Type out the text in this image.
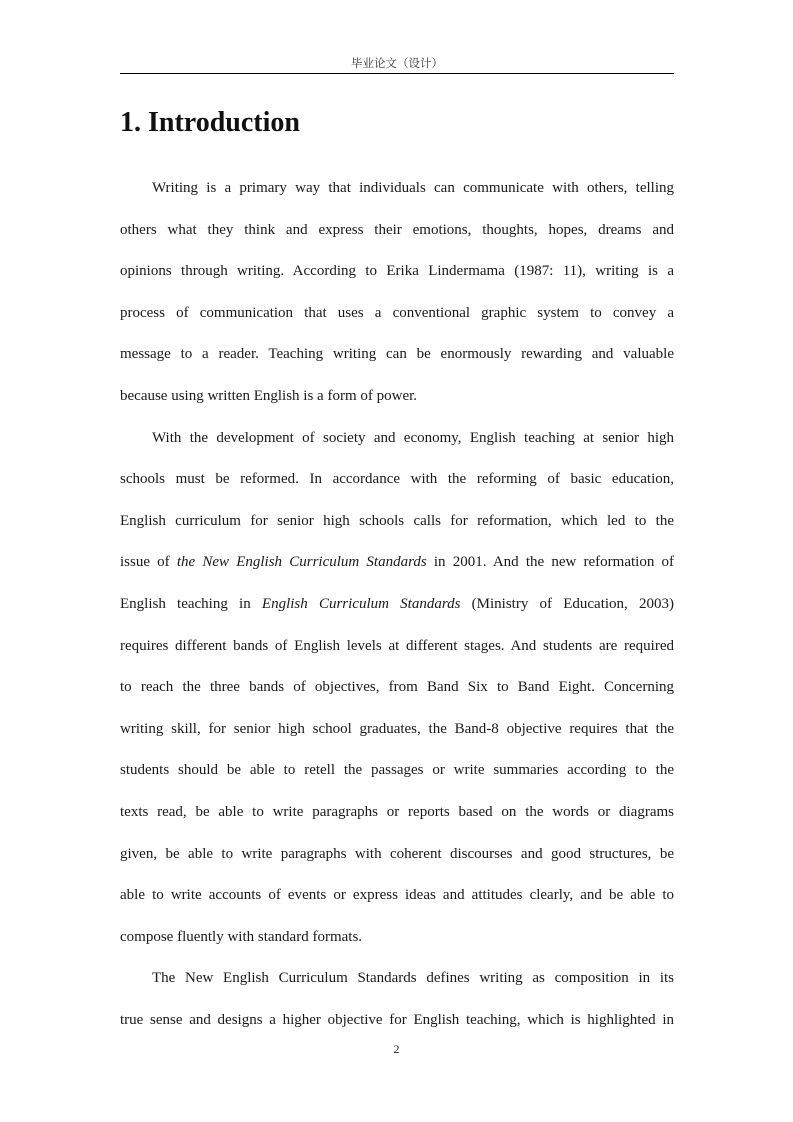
毕业论文（设计）
1. Introduction

Writing is a primary way that individuals can communicate with others, telling
others what they think and express their emotions, thoughts, hopes, dreams and
opinions through writing. According to Erika Lindermama (1987: 11), writing is a
process of communication that uses a conventional graphic system to convey a
message to a reader. Teaching writing can be enormously rewarding and valuable
because using written English is a form of power.

With the development of society and economy, English teaching at senior high
schools must be reformed. In accordance with the reforming of basic education,
English curriculum for senior high schools calls for reformation, which led to the
issue of the New English Curriculum Standards in 2001. And the new reformation of
English teaching in English Curriculum Standards (Ministry of Education, 2003)
requires different bands of English levels at different stages. And students are required
to reach the three bands of objectives, from Band Six to Band Eight. Concerning
writing skill, for senior high school graduates, the Band-8 objective requires that the
students should be able to retell the passages or write summaries according to the
texts read, be able to write paragraphs or reports based on the words or diagrams
given, be able to write paragraphs with coherent discourses and good structures, be
able to write accounts of events or express ideas and attitudes clearly, and be able to
compose fluently with standard formats.

The New English Curriculum Standards defines writing as composition in its
true sense and designs a higher objective for English teaching, which is highlighted in

2
